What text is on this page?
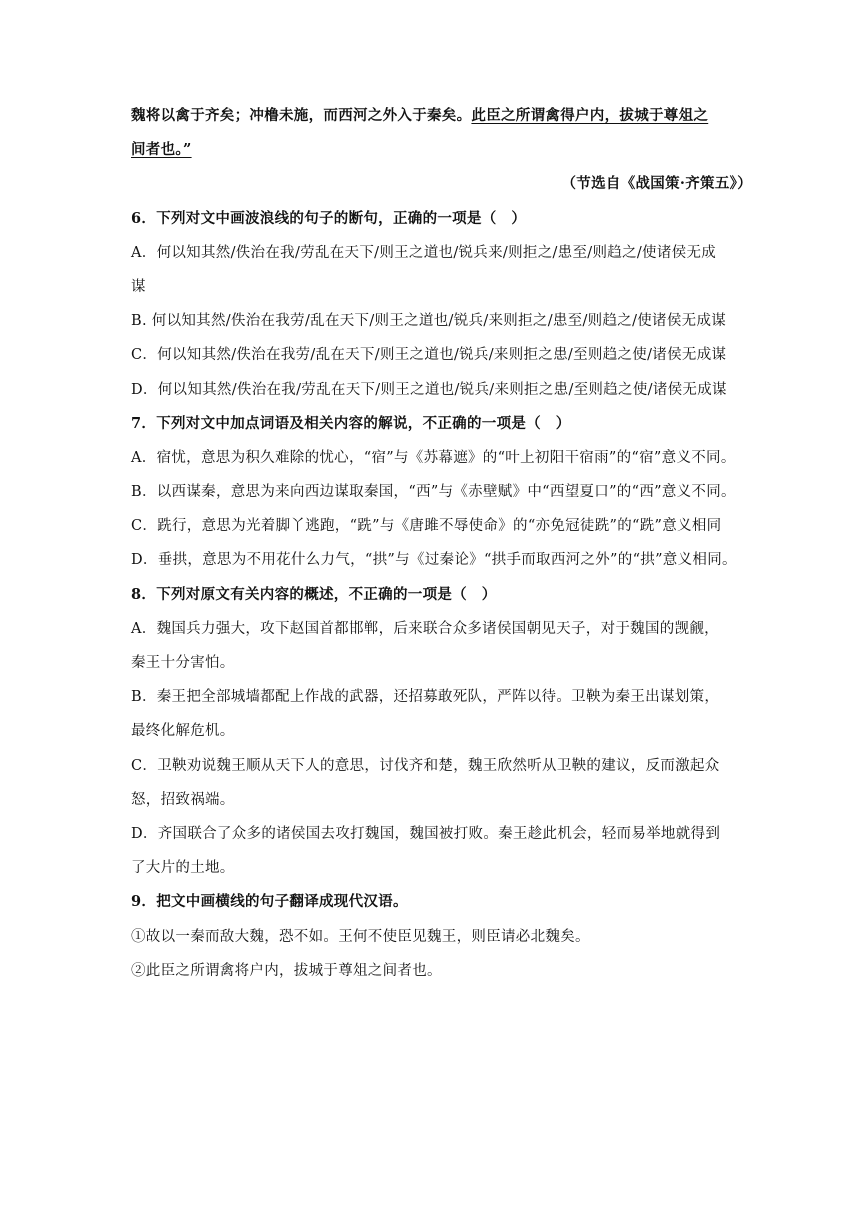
魏将以禽于齐矣；冲橹未施，而西河之外入于秦矣。此臣之所谓禽得户内，拔城于尊俎之
间者也。”
（节选自《战国策·齐策五》）
6．下列对文中画波浪线的句子的断句，正确的一项是（　）
A．何以知其然/佚治在我/劳乱在天下/则王之道也/锐兵来/则拒之/患至/则趋之/使诸侯无成
谋
B. 何以知其然/佚治在我劳/乱在天下/则王之道也/锐兵/来则拒之/患至/则趋之/使诸侯无成谋
C．何以知其然/佚治在我劳/乱在天下/则王之道也/锐兵/来则拒之患/至则趋之使/诸侯无成谋
D．何以知其然/佚治在我/劳乱在天下/则王之道也/锐兵/来则拒之患/至则趋之使/诸侯无成谋
7．下列对文中加点词语及相关内容的解说，不正确的一项是（　）
A．宿忧，意思为积久难除的忧心，“宿”与《苏幕遮》的“叶上初阳干宿雨”的“宿”意义不同。
B．以西谋秦，意思为来向西边谋取秦国，“西”与《赤壁赋》中“西望夏口”的“西”意义不同。
C．跣行，意思为光着脚丫逃跑，“跣”与《唐雎不辱使命》的“亦免冠徒跣”的“跣”意义相同
D．垂拱，意思为不用花什么力气，“拱”与《过秦论》“拱手而取西河之外”的“拱”意义相同。
8．下列对原文有关内容的概述，不正确的一项是（　）
A．魏国兵力强大，攻下赵国首都邯郸，后来联合众多诸侯国朝见天子，对于魏国的觊觎，
秦王十分害怕。
B．秦王把全部城墙都配上作战的武器，还招募敢死队，严阵以待。卫鞅为秦王出谋划策，
最终化解危机。
C．卫鞅劝说魏王顺从天下人的意思，讨伐齐和楚，魏王欣然听从卫鞅的建议，反而激起众
怒，招致祸端。
D．齐国联合了众多的诸侯国去攻打魏国，魏国被打败。秦王趁此机会，轻而易举地就得到
了大片的土地。
9．把文中画横线的句子翻译成现代汉语。
①故以一秦而敌大魏，恐不如。王何不使臣见魏王，则臣请必北魏矣。
②此臣之所谓禽将户内，拔城于尊俎之间者也。
